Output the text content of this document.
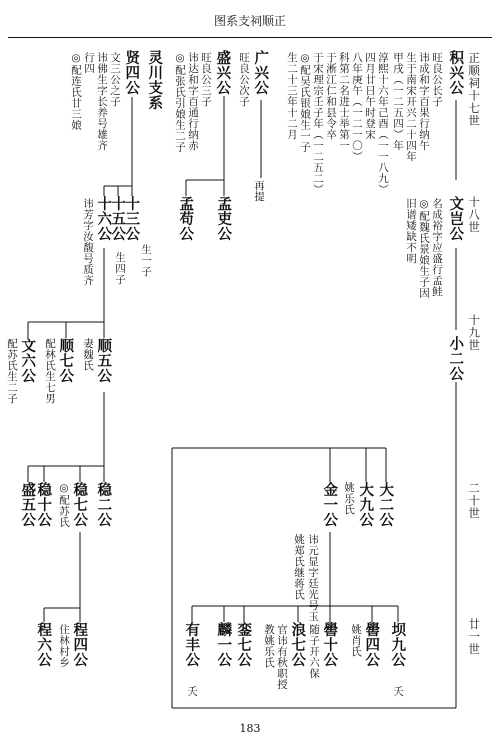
图系支祠顺正
正顺祠十七世
十八世
十九世
二十世
廿一世
积兴公
旺良公长子
讳成和字百果行纳午
生于南宋开兴二十四年
甲戌（一二五四）年
淳熙十六年己酉（一一八九）
四月廿日午时登宋
八年庚午（一二一〇）
科第二名进士举第一
于淅江仁和县令卒
于宋理宗壬子年（一二五二）
◎配吴氏银娘生一子
生二十三年十二月
广兴公
旺良公次子
再提
盛兴公
旺良公三子
讳达和字百通行纳赤
◎配张氏引娘生二子
灵川支系
贤四公
文三公之子
讳佛生字长养号雄齐
行四
◎配连氏廿三娘
文岂公
名成裕字应盛行孟鲑
◎配魏氏景娘生子因
旧谱矮缺不明
孟吏公
孟苟公
十三公
生一子
十五公
生四子
十六公
讳芳字汝馥号质齐
小二公
顺五公
妻魏氏
顺七公
配林氏生七男
文六公
配苏氏生二子
大二公
大九公
姚乐氏
金一公
讳元显字廷光号玉
姚郑氏继蒋氏
稳二公
稳七公
◎配苏氏
稳十公
盛五公
程四公
住林村乡
程六公	坝九公
夭
嚳四公
姚肖氏
嚳十公
随子开六保
浪七公
官讳有秋职授
教姚乐氏
銮七公
麟一公
有丰公
夭
183
